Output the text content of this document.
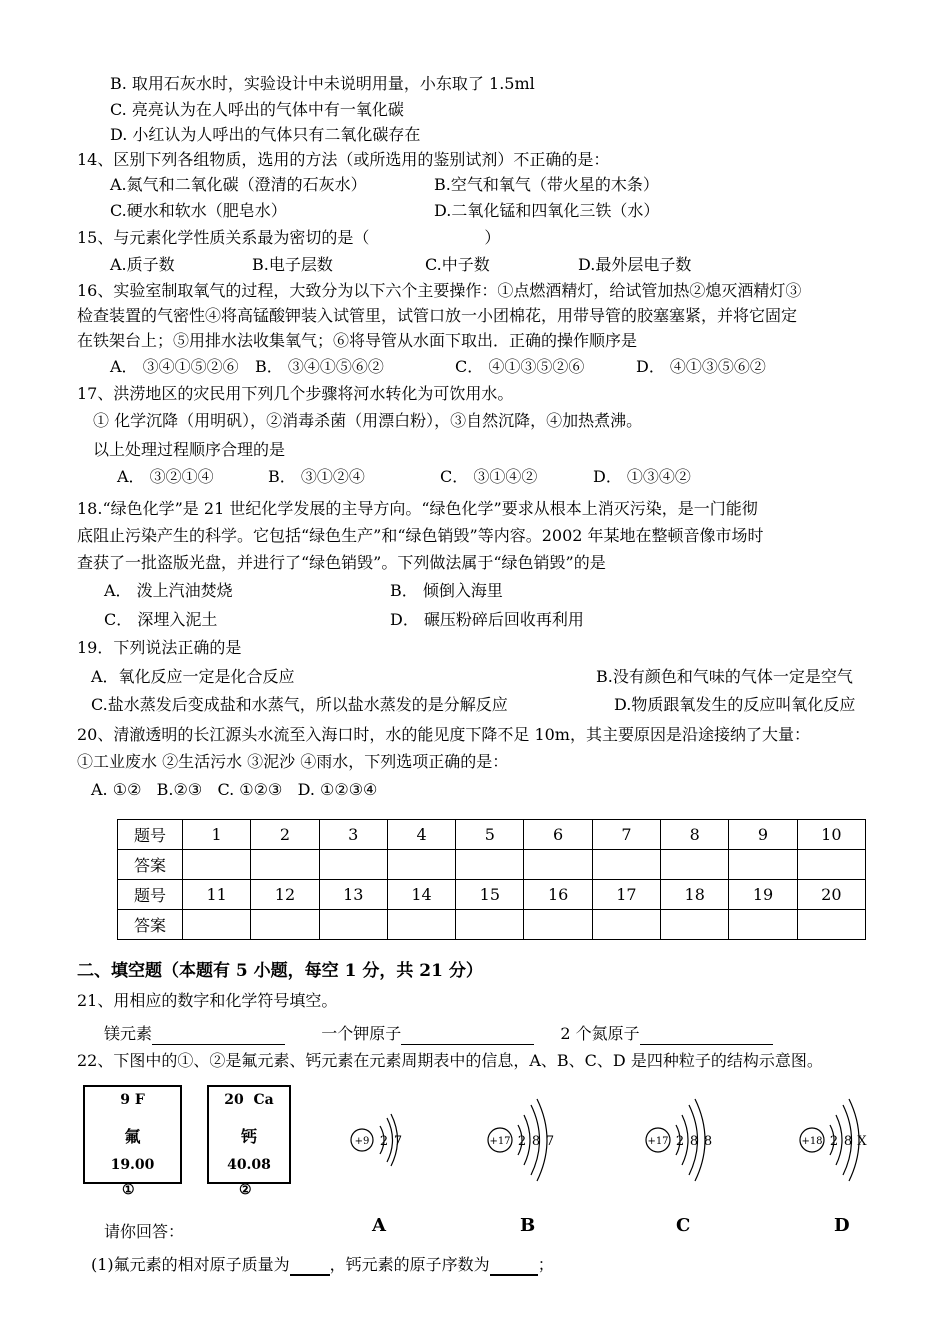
B. 取用石灰水时，实验设计中未说明用量，小东取了 1.5ml
C. 亮亮认为在人呼出的气体中有一氧化碳
D. 小红认为人呼出的气体只有二氧化碳存在
14、区别下列各组物质，选用的方法（或所选用的鉴别试剂）不正确的是：
A.氮气和二氧化碳（澄清的石灰水）	B.空气和氧气（带火星的木条）
C.硬水和软水（肥皂水）	D.二氧化锰和四氧化三铁（水）
15、与元素化学性质关系最为密切的是（	）
A.质子数	B.电子层数	C.中子数	D.最外层电子数
16、实验室制取氧气的过程，大致分为以下六个主要操作：①点燃酒精灯，给试管加热②熄灭酒精灯③
检查装置的气密性④将高锰酸钾装入试管里，试管口放一小团棉花，用带导管的胶塞塞紧，并将它固定
在铁架台上；⑤用排水法收集氧气；⑥将导管从水面下取出．正确的操作顺序是
A． ③④①⑤②⑥ B． ③④①⑤⑥②	C． ④①③⑤②⑥	D． ④①③⑤⑥②
17、洪涝地区的灾民用下列几个步骤将河水转化为可饮用水。
① 化学沉降（用明矾），②消毒杀菌（用漂白粉），③自然沉降，④加热煮沸。
以上处理过程顺序合理的是
A． ③②①④	B． ③①②④	C． ③①④②	D． ①③④②
18.“绿色化学”是 21 世纪化学发展的主导方向。“绿色化学”要求从根本上消灭污染，是一门能彻
底阻止污染产生的科学。它包括“绿色生产”和“绿色销毁”等内容。2002 年某地在整顿音像市场时
查获了一批盗版光盘，并进行了“绿色销毁”。下列做法属于“绿色销毁”的是
A． 泼上汽油焚烧	B． 倾倒入海里
C． 深埋入泥土	D． 碾压粉碎后回收再利用
19．下列说法正确的是
A．氧化反应一定是化合反应	B.没有颜色和气味的气体一定是空气
C.盐水蒸发后变成盐和水蒸气，所以盐水蒸发的是分解反应	D.物质跟氧发生的反应叫氧化反应
20、清澈透明的长江源头水流至入海口时，水的能见度下降不足 10m，其主要原因是沿途接纳了大量：
①工业废水 ②生活污水 ③泥沙 ④雨水，下列选项正确的是：
A. ①②   B.②③   C. ①②③   D. ①②③④
题号	1	2	3	4	5	6	7	8	9	10
答案										
题号	11	12	13	14	15	16	17	18	19	20
答案										
二、填空题（本题有 5 小题，每空 1 分，共 21 分）
21、用相应的数字和化学符号填空。
镁元素	一个钾原子	2 个氮原子
22、下图中的①、②是氟元素、钙元素在元素周期表中的信息，A、B、C、D 是四种粒子的结构示意图。
9 F
氟
19.00
①
20  Ca
钙
40.08
②
+9 2 7
A
+17 2 8 7
B
+17 2 8 8
C
+18 2 8 X
D
请你回答：
(1)氟元素的相对原子质量为	，钙元素的原子序数为	；
